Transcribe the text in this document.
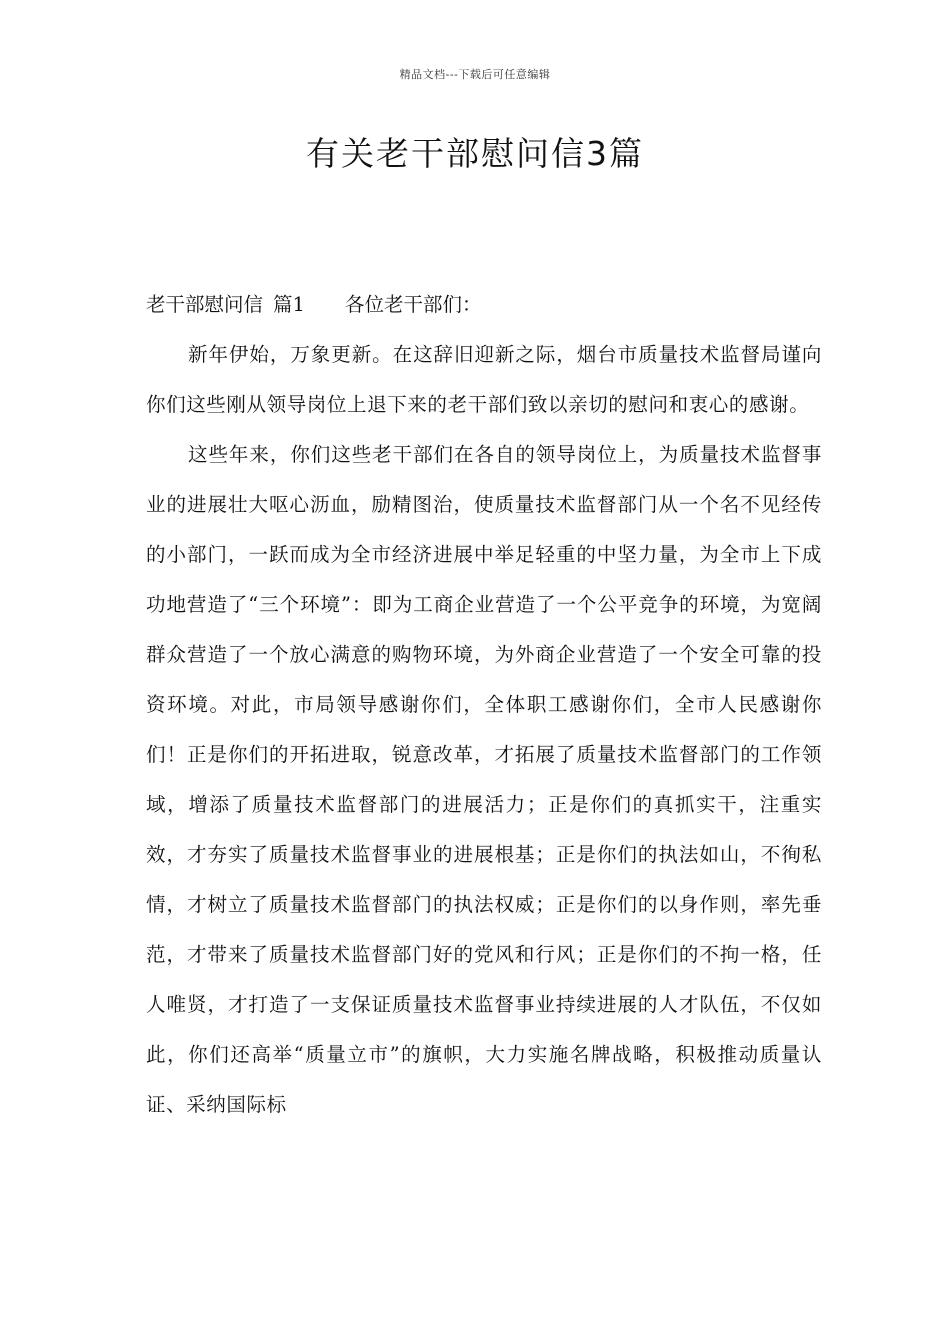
精品文档---下载后可任意编辑
有关老干部慰问信3篇
老干部慰问信 篇1 各位老干部们：

新年伊始，万象更新。在这辞旧迎新之际，烟台市质量技术监督局谨向你们这些刚从领导岗位上退下来的老干部们致以亲切的慰问和衷心的感谢。

这些年来，你们这些老干部们在各自的领导岗位上，为质量技术监督事业的进展壮大呕心沥血，励精图治，使质量技术监督部门从一个名不见经传的小部门，一跃而成为全市经济进展中举足轻重的中坚力量，为全市上下成功地营造了“三个环境”：即为工商企业营造了一个公平竞争的环境，为宽阔群众营造了一个放心满意的购物环境，为外商企业营造了一个安全可靠的投资环境。对此，市局领导感谢你们，全体职工感谢你们，全市人民感谢你们！正是你们的开拓进取，锐意改革，才拓展了质量技术监督部门的工作领域，增添了质量技术监督部门的进展活力；正是你们的真抓实干，注重实效，才夯实了质量技术监督事业的进展根基；正是你们的执法如山，不徇私情，才树立了质量技术监督部门的执法权威；正是你们的以身作则，率先垂范，才带来了质量技术监督部门好的党风和行风；正是你们的不拘一格，任人唯贤，才打造了一支保证质量技术监督事业持续进展的人才队伍，不仅如此，你们还高举“质量立市”的旗帜，大力实施名牌战略，积极推动质量认证、采纳国际标
